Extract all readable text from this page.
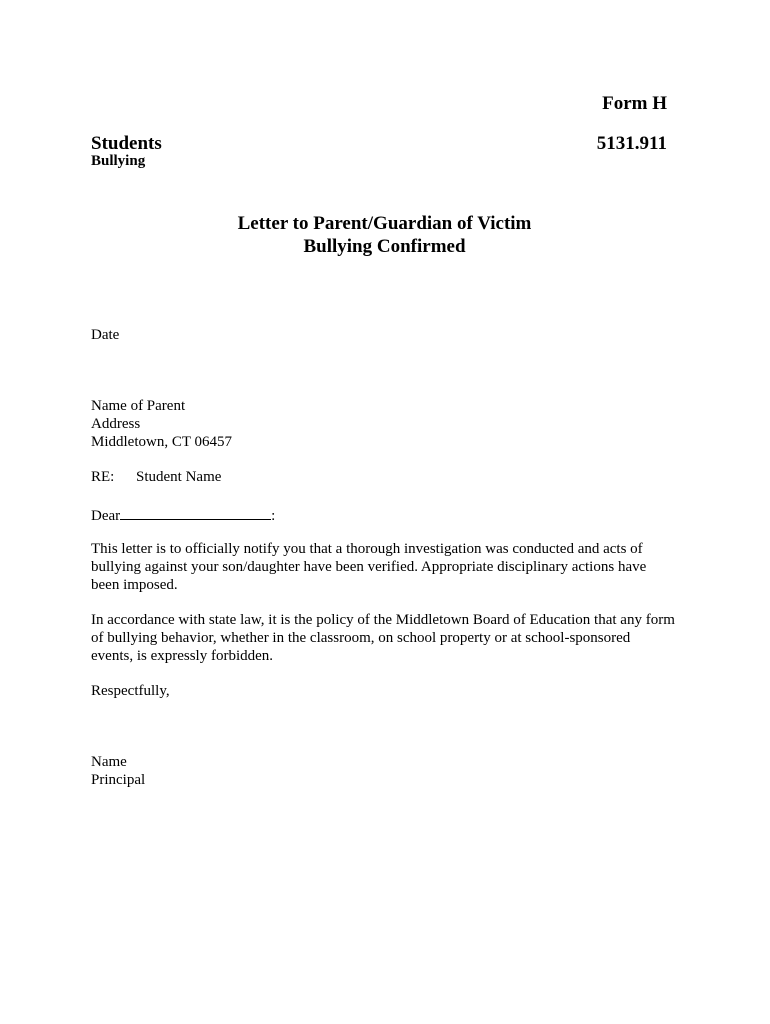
Form H
Students	5131.911
Bullying
Letter to Parent/Guardian of Victim
Bullying Confirmed
Date
Name of Parent
Address
Middletown, CT 06457
RE: Student Name
Dear	:
This letter is to officially notify you that a thorough investigation was conducted and acts of
bullying against your son/daughter have been verified. Appropriate disciplinary actions have
been imposed.
In accordance with state law, it is the policy of the Middletown Board of Education that any form
of bullying behavior, whether in the classroom, on school property or at school-sponsored
events, is expressly forbidden.
Respectfully,
Name
Principal
